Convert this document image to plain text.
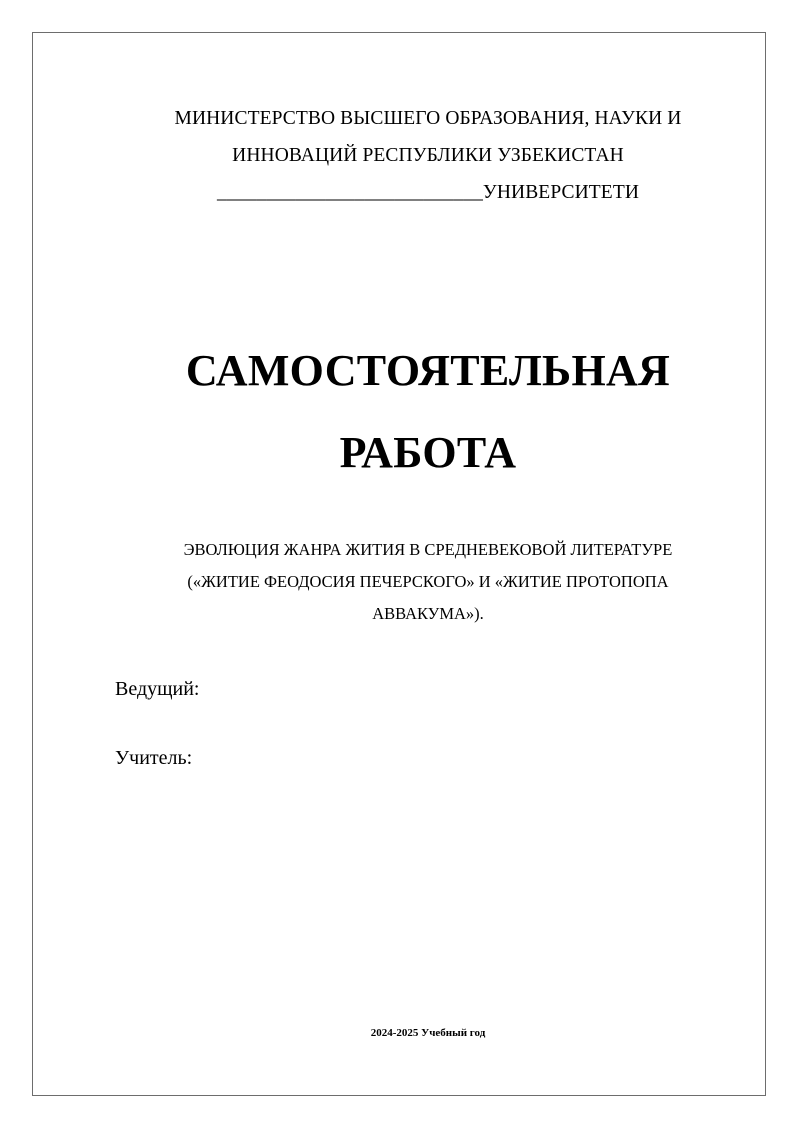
МИНИСТЕРСТВО ВЫСШЕГО ОБРАЗОВАНИЯ, НАУКИ И
ИННОВАЦИЙ РЕСПУБЛИКИ УЗБЕКИСТАН
___________________________УНИВЕРСИТЕТИ
САМОСТОЯТЕЛЬНАЯ
РАБОТА
ЭВОЛЮЦИЯ ЖАНРА ЖИТИЯ В СРЕДНЕВЕКОВОЙ ЛИТЕРАТУРЕ
(«ЖИТИЕ ФЕОДОСИЯ ПЕЧЕРСКОГО» И «ЖИТИЕ ПРОТОПОПА
АВВАКУМА»).
Ведущий:
Учитель:
2024-2025 Учебный год
